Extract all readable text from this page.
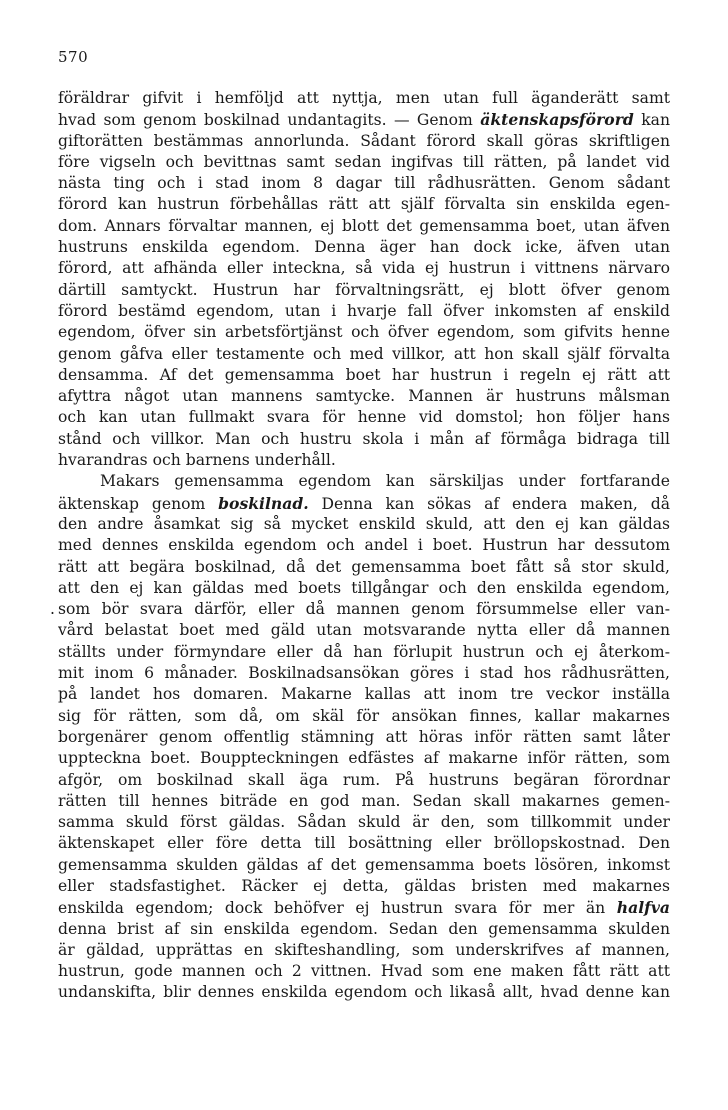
570
föräldrar gifvit i hemföljd att nyttja, men utan full äganderätt samt
hvad som genom boskilnad undantagits. — Genom äktenskapsförord kan
giftorätten bestämmas annorlunda. Sådant förord skall göras skriftligen
före vigseln och bevittnas samt sedan ingifvas till rätten, på landet vid
nästa ting och i stad inom 8 dagar till rådhusrätten. Genom sådant
förord kan hustrun förbehållas rätt att själf förvalta sin enskilda egen-
dom. Annars förvaltar mannen, ej blott det gemensamma boet, utan äfven
hustruns enskilda egendom. Denna äger han dock icke, äfven utan
förord, att afhända eller inteckna, så vida ej hustrun i vittnens närvaro
därtill samtyckt. Hustrun har förvaltningsrätt, ej blott öfver genom
förord bestämd egendom, utan i hvarje fall öfver inkomsten af enskild
egendom, öfver sin arbetsförtjänst och öfver egendom, som gifvits henne
genom gåfva eller testamente och med villkor, att hon skall själf förvalta
densamma. Af det gemensamma boet har hustrun i regeln ej rätt att
afyttra något utan mannens samtycke. Mannen är hustruns målsman
och kan utan fullmakt svara för henne vid domstol; hon följer hans
stånd och villkor. Man och hustru skola i mån af förmåga bidraga till
hvarandras och barnens underhåll.
Makars gemensamma egendom kan särskiljas under fortfarande
äktenskap genom boskilnad. Denna kan sökas af endera maken, då
den andre åsamkat sig så mycket enskild skuld, att den ej kan gäldas
med dennes enskilda egendom och andel i boet. Hustrun har dessutom
rätt att begära boskilnad, då det gemensamma boet fått så stor skuld,
att den ej kan gäldas med boets tillgångar och den enskilda egendom,
. som bör svara därför, eller då mannen genom försummelse eller van-
vård belastat boet med gäld utan motsvarande nytta eller då mannen
ställts under förmyndare eller då han förlupit hustrun och ej återkom-
mit inom 6 månader. Boskilnadsansökan göres i stad hos rådhusrätten,
på landet hos domaren. Makarne kallas att inom tre veckor inställa
sig för rätten, som då, om skäl för ansökan finnes, kallar makarnes
borgenärer genom offentlig stämning att höras inför rätten samt låter
uppteckna boet. Bouppteckningen edfästes af makarne inför rätten, som
afgör, om boskilnad skall äga rum. På hustruns begäran förordnar
rätten till hennes biträde en god man. Sedan skall makarnes gemen-
samma skuld först gäldas. Sådan skuld är den, som tillkommit under
äktenskapet eller före detta till bosättning eller bröllopskostnad. Den
gemensamma skulden gäldas af det gemensamma boets lösören, inkomst
eller stadsfastighet. Räcker ej detta, gäldas bristen med makarnes
enskilda egendom; dock behöfver ej hustrun svara för mer än halfva
denna brist af sin enskilda egendom. Sedan den gemensamma skulden
är gäldad, upprättas en skifteshandling, som underskrifves af mannen,
hustrun, gode mannen och 2 vittnen. Hvad som ene maken fått rätt att
undanskifta, blir dennes enskilda egendom och likaså allt, hvad denne kan
